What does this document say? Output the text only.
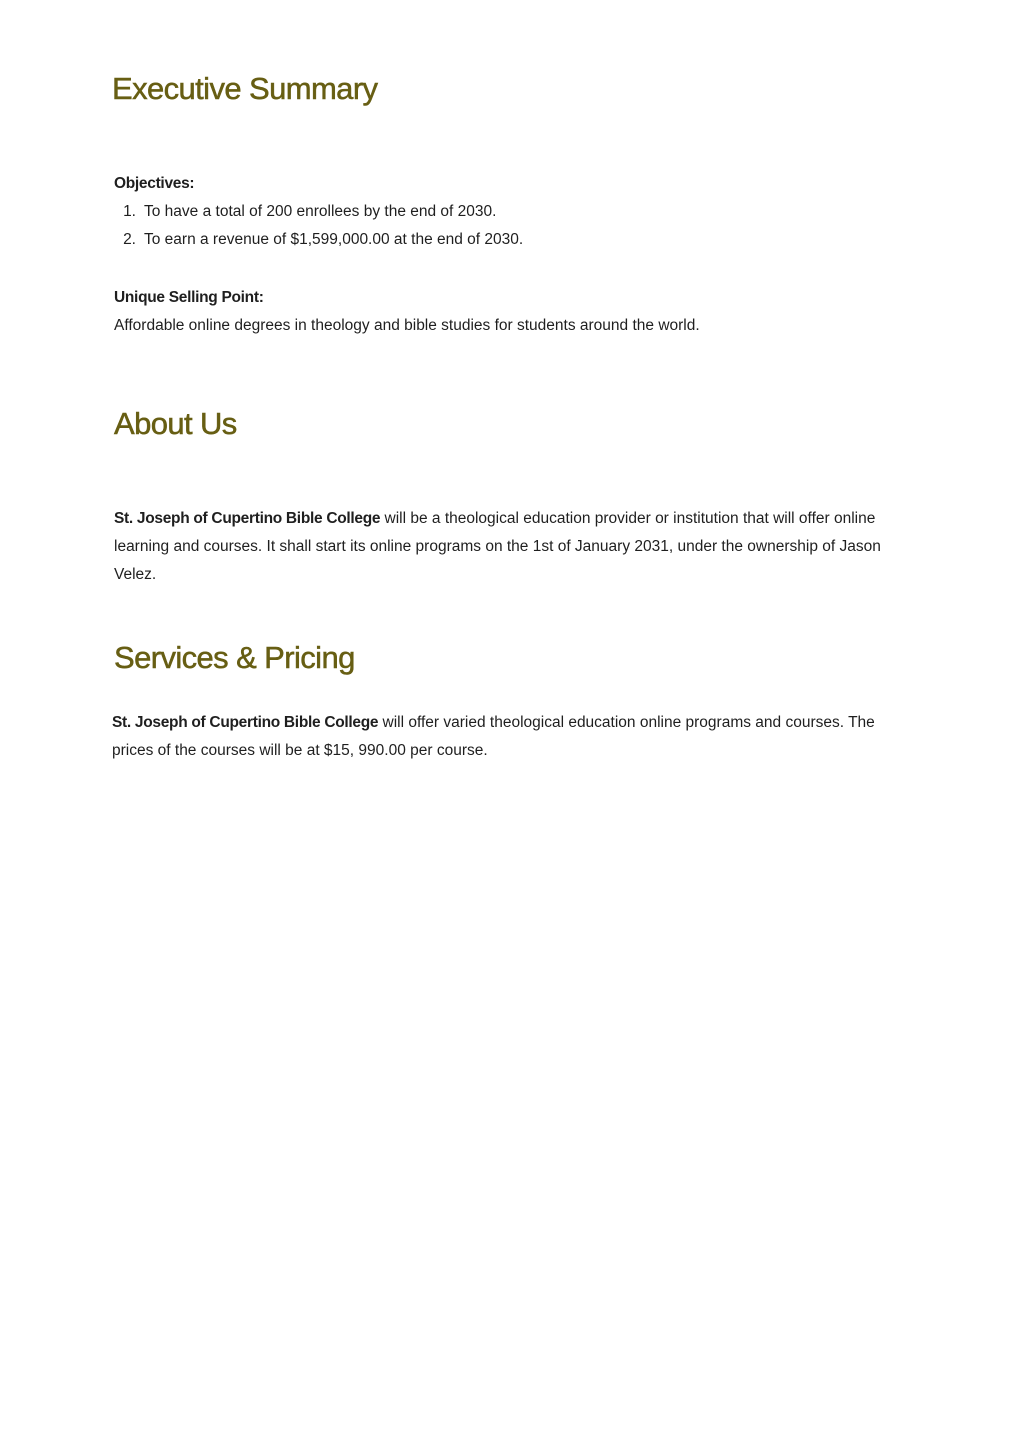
Executive Summary
Objectives:
1. To have a total of 200 enrollees by the end of 2030.
2. To earn a revenue of $1,599,000.00 at the end of 2030.
Unique Selling Point:
Affordable online degrees in theology and bible studies for students around the world.
About Us
St. Joseph of Cupertino Bible College will be a theological education provider or institution that will offer online
learning and courses. It shall start its online programs on the 1st of January 2031, under the ownership of Jason
Velez.
Services & Pricing
St. Joseph of Cupertino Bible College will offer varied theological education online programs and courses. The
prices of the courses will be at $15, 990.00 per course.
